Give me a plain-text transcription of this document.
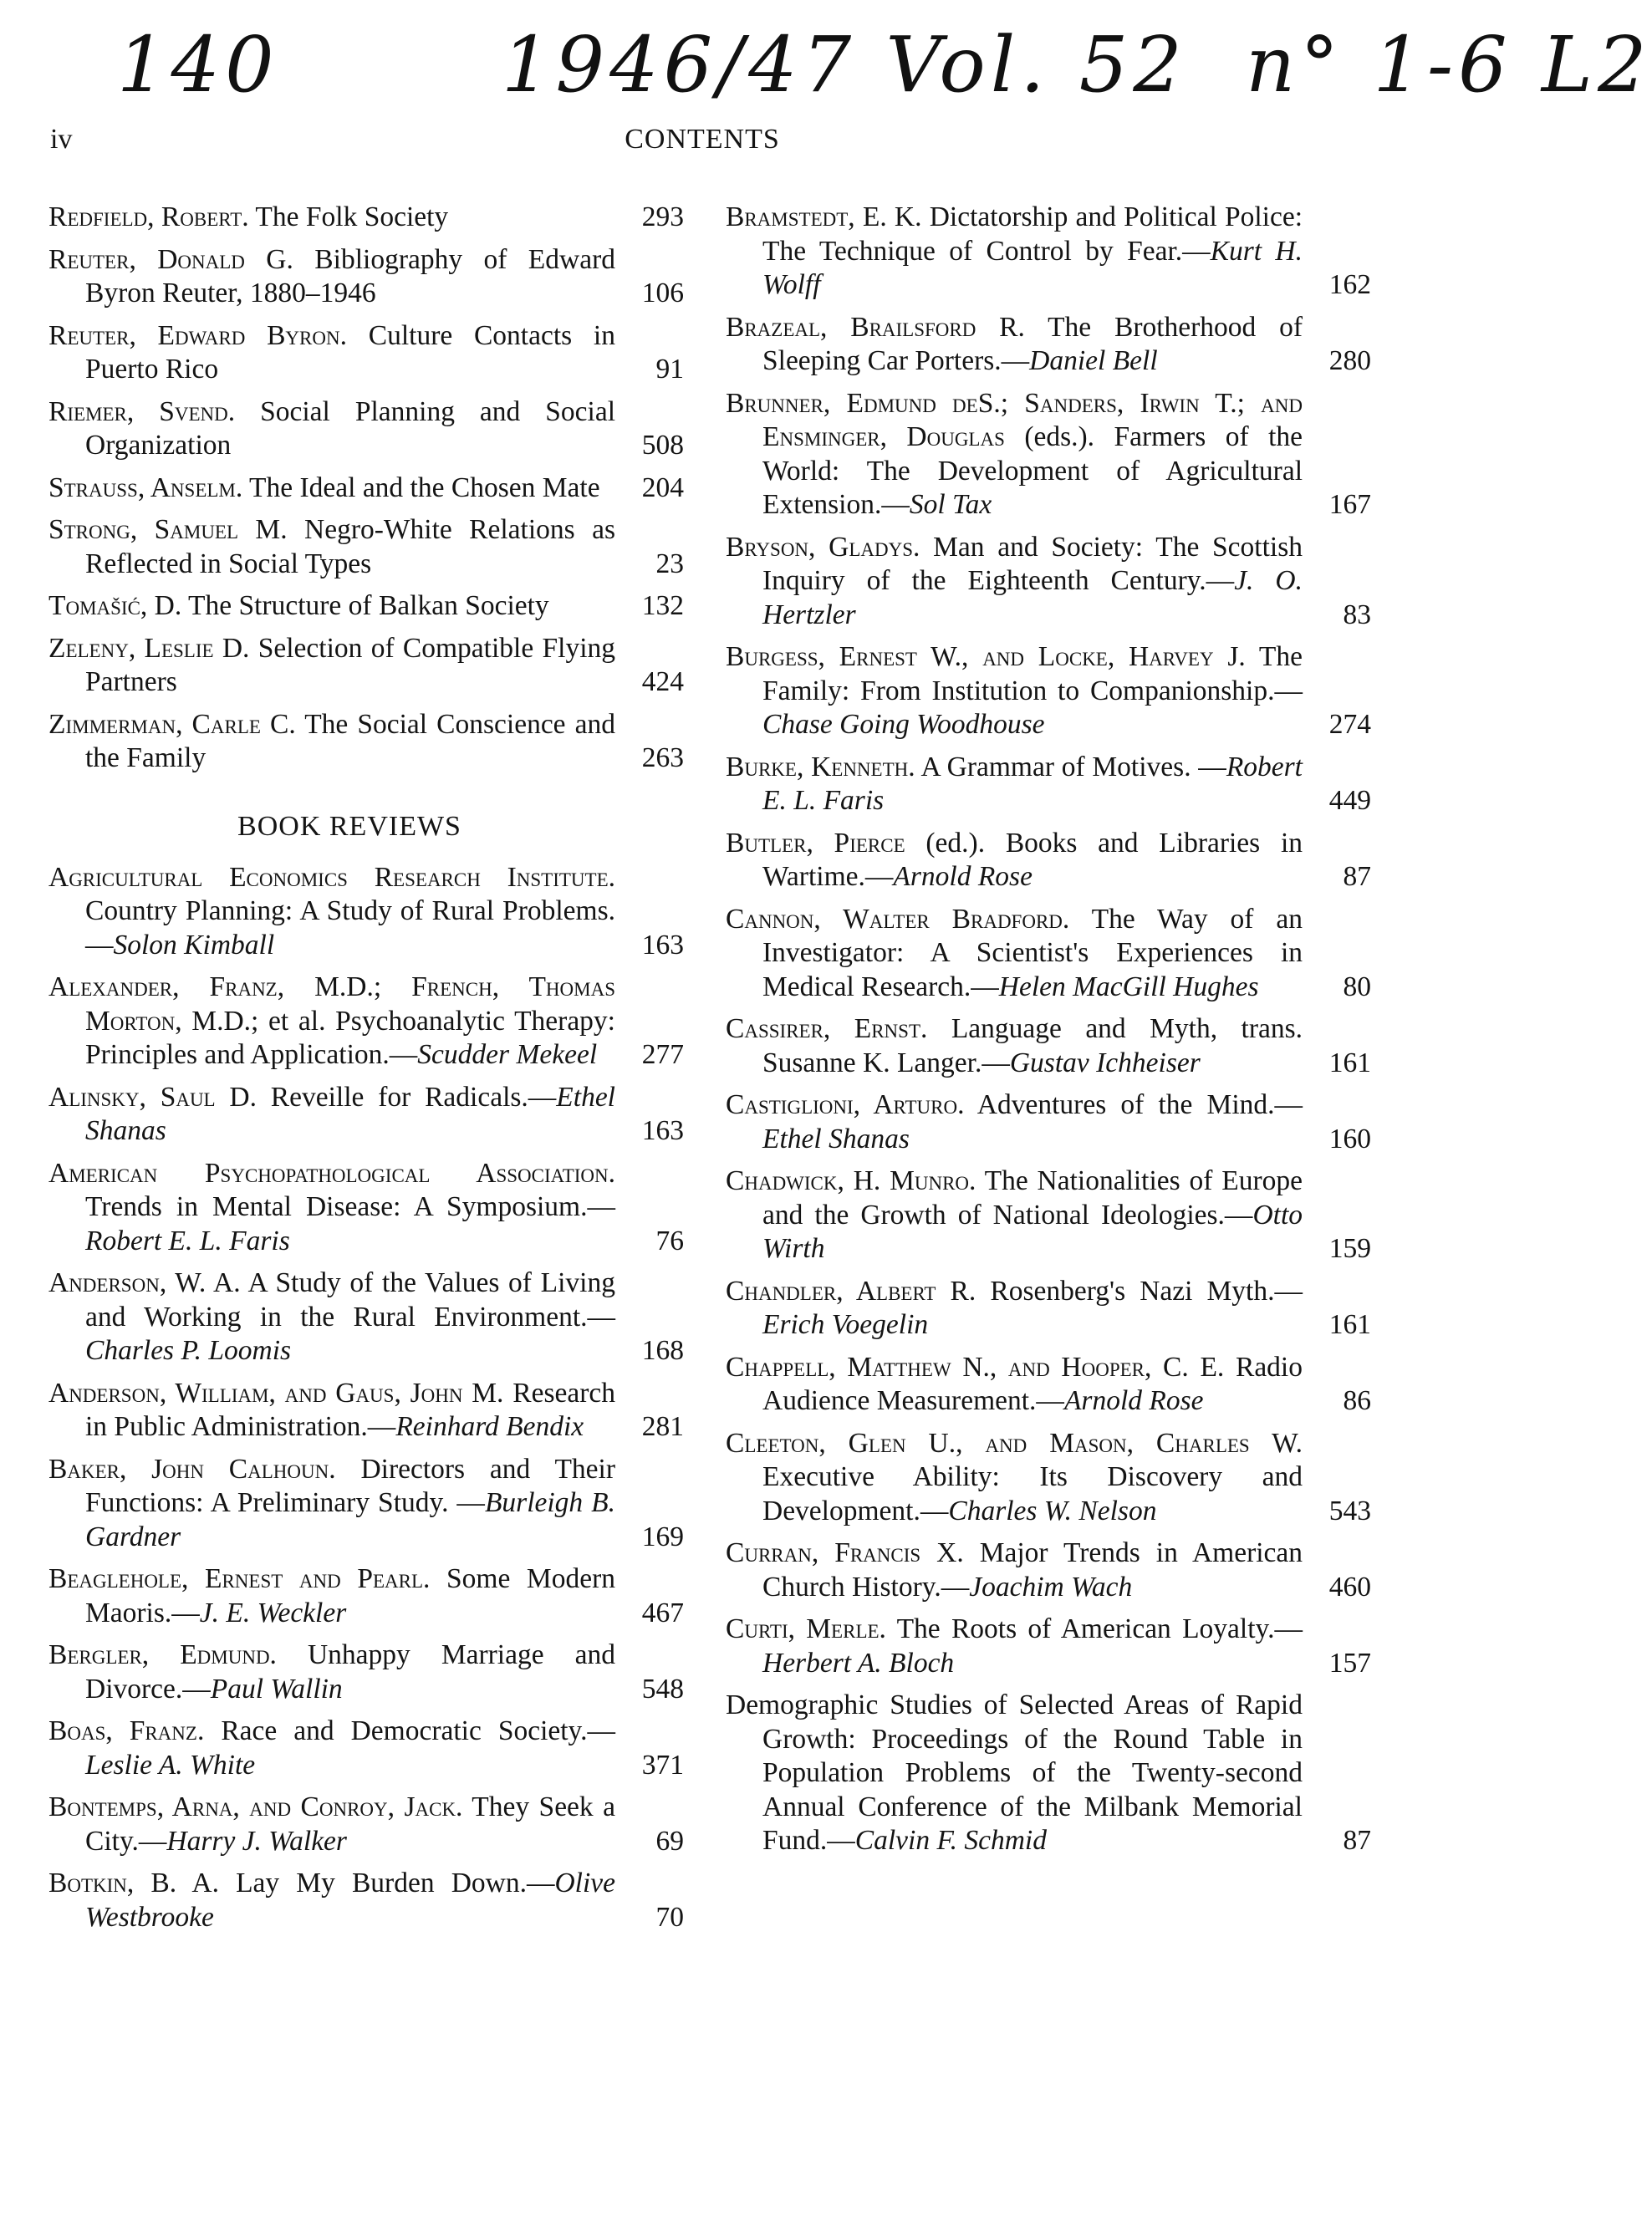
140	1946/47 Vol. 52 n° 1-6 L2
iv	CONTENTS
Redfield, Robert. The Folk Society	293
Reuter, Donald G. Bibliography of Edward Byron Reuter, 1880–1946	106
Reuter, Edward Byron. Culture Contacts in Puerto Rico	91
Riemer, Svend. Social Planning and Social Organization	508
Strauss, Anselm. The Ideal and the Chosen Mate	204
Strong, Samuel M. Negro-White Relations as Reflected in Social Types	23
Tomašić, D. The Structure of Balkan Society	132
Zeleny, Leslie D. Selection of Compatible Flying Partners	424
Zimmerman, Carle C. The Social Conscience and the Family	263
BOOK REVIEWS
Agricultural Economics Research Institute. Country Planning: A Study of Rural Problems.—Solon Kimball	163
Alexander, Franz, M.D.; French, Thomas Morton, M.D.; et al. Psychoanalytic Therapy: Principles and Application.—Scudder Mekeel	277
Alinsky, Saul D. Reveille for Radicals.—Ethel Shanas	163
American Psychopathological Association. Trends in Mental Disease: A Symposium.—Robert E. L. Faris	76
Anderson, W. A. A Study of the Values of Living and Working in the Rural Environment.—Charles P. Loomis	168
Anderson, William, and Gaus, John M. Research in Public Administration.—Reinhard Bendix	281
Baker, John Calhoun. Directors and Their Functions: A Preliminary Study. —Burleigh B. Gardner	169
Beaglehole, Ernest and Pearl. Some Modern Maoris.—J. E. Weckler	467
Bergler, Edmund. Unhappy Marriage and Divorce.—Paul Wallin	548
Boas, Franz. Race and Democratic Society.—Leslie A. White	371
Bontemps, Arna, and Conroy, Jack. They Seek a City.—Harry J. Walker	69
Botkin, B. A. Lay My Burden Down.—Olive Westbrooke	70
Bramstedt, E. K. Dictatorship and Political Police: The Technique of Control by Fear.—Kurt H. Wolff	162
Brazeal, Brailsford R. The Brotherhood of Sleeping Car Porters.—Daniel Bell	280
Brunner, Edmund deS.; Sanders, Irwin T.; and Ensminger, Douglas (eds.). Farmers of the World: The Development of Agricultural Extension.—Sol Tax	167
Bryson, Gladys. Man and Society: The Scottish Inquiry of the Eighteenth Century.—J. O. Hertzler	83
Burgess, Ernest W., and Locke, Harvey J. The Family: From Institution to Companionship.—Chase Going Woodhouse	274
Burke, Kenneth. A Grammar of Motives. —Robert E. L. Faris	449
Butler, Pierce (ed.). Books and Libraries in Wartime.—Arnold Rose	87
Cannon, Walter Bradford. The Way of an Investigator: A Scientist's Experiences in Medical Research.—Helen MacGill Hughes	80
Cassirer, Ernst. Language and Myth, trans. Susanne K. Langer.—Gustav Ichheiser	161
Castiglioni, Arturo. Adventures of the Mind.—Ethel Shanas	160
Chadwick, H. Munro. The Nationalities of Europe and the Growth of National Ideologies.—Otto Wirth	159
Chandler, Albert R. Rosenberg's Nazi Myth.—Erich Voegelin	161
Chappell, Matthew N., and Hooper, C. E. Radio Audience Measurement.—Arnold Rose	86
Cleeton, Glen U., and Mason, Charles W. Executive Ability: Its Discovery and Development.—Charles W. Nelson	543
Curran, Francis X. Major Trends in American Church History.—Joachim Wach	460
Curti, Merle. The Roots of American Loyalty.—Herbert A. Bloch	157
Demographic Studies of Selected Areas of Rapid Growth: Proceedings of the Round Table in Population Problems of the Twenty-second Annual Conference of the Milbank Memorial Fund.—Calvin F. Schmid	87
